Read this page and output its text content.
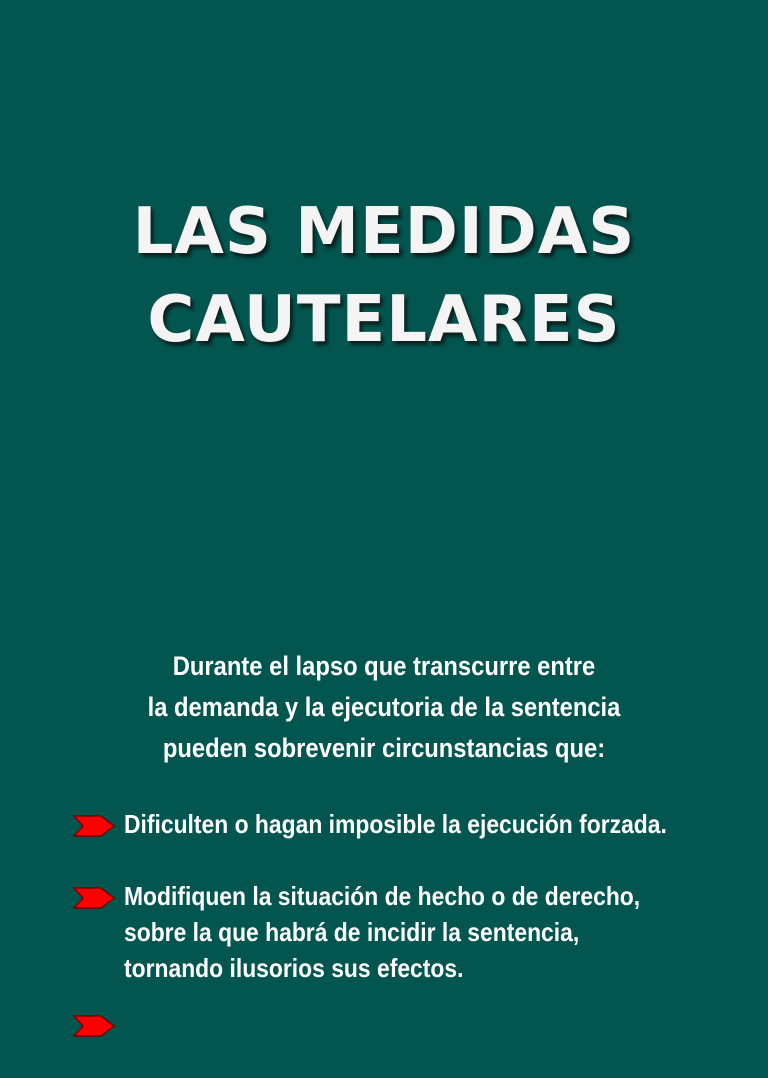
LAS MEDIDAS
CAUTELARES
Durante el lapso que transcurre entre
la demanda y la ejecutoria de la sentencia
pueden sobrevenir circunstancias que:
Dificulten o hagan imposible la ejecución forzada.
Modifiquen la situación de hecho o de derecho,
sobre la que habrá de incidir la sentencia,
tornando ilusorios sus efectos.
